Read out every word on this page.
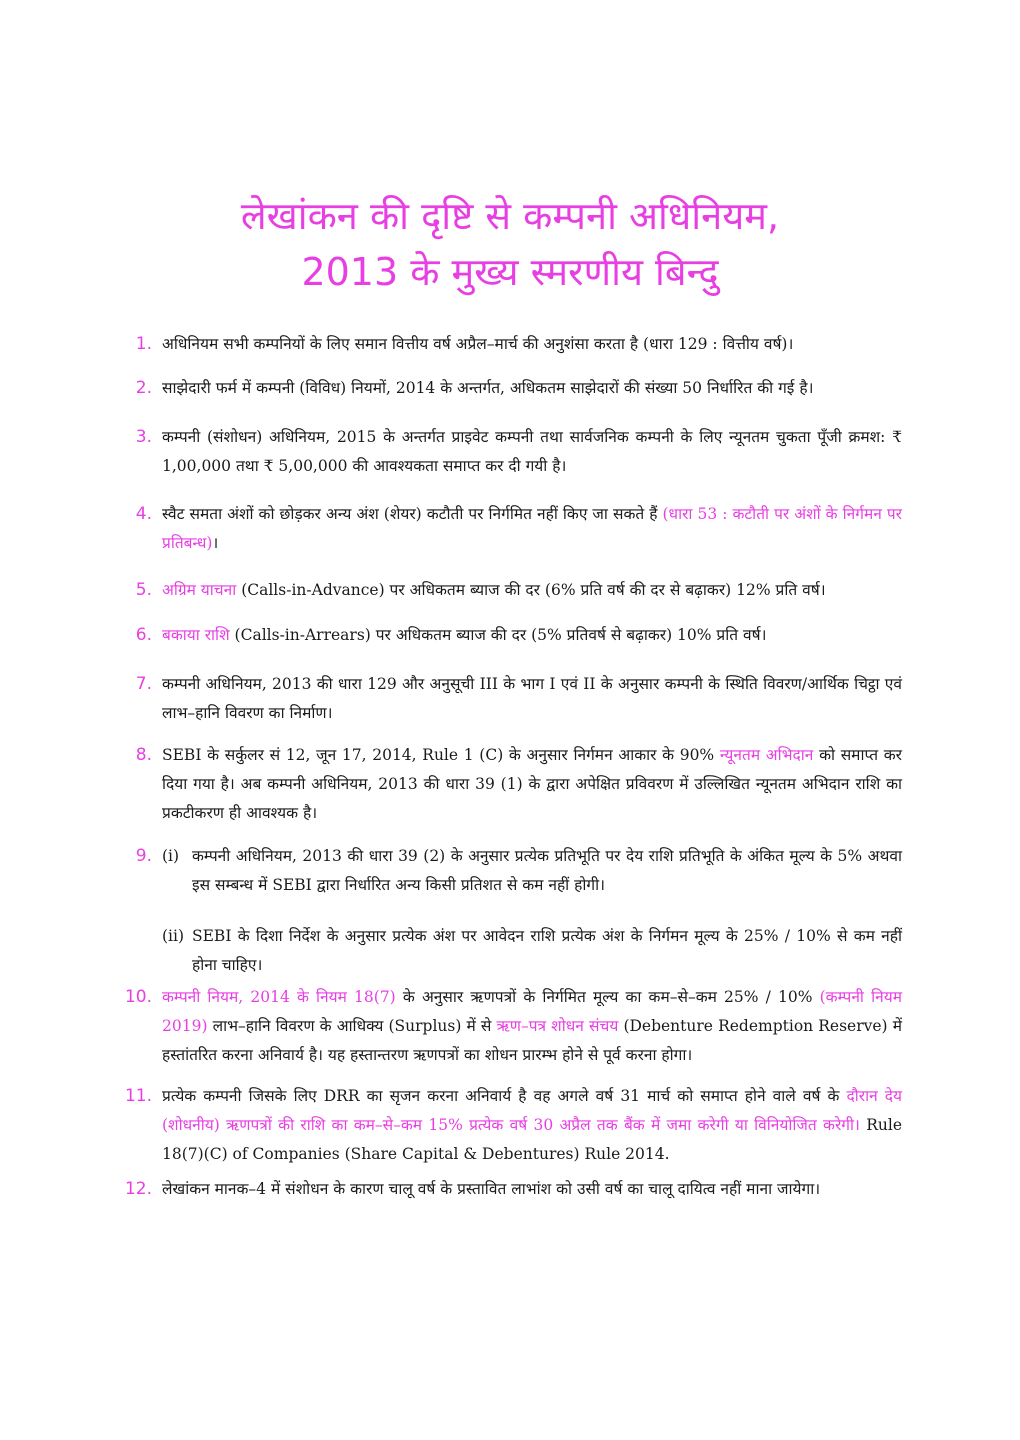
लेखांकन की दृष्टि से कम्पनी अधिनियम,
2013 के मुख्य स्मरणीय बिन्दु
1. अधिनियम सभी कम्पनियों के लिए समान वित्तीय वर्ष अप्रैल–मार्च की अनुशंसा करता है (धारा 129 : वित्तीय वर्ष)।
2. साझेदारी फर्म में कम्पनी (विविध) नियमों, 2014 के अन्तर्गत, अधिकतम साझेदारों की संख्या 50 निर्धारित की गई है।
3. कम्पनी (संशोधन) अधिनियम, 2015 के अन्तर्गत प्राइवेट कम्पनी तथा सार्वजनिक कम्पनी के लिए न्यूनतम चुकता पूँजी क्रमश: ₹ 1,00,000 तथा ₹ 5,00,000 की आवश्यकता समाप्त कर दी गयी है।
4. स्वैट समता अंशों को छोड़कर अन्य अंश (शेयर) कटौती पर निर्गमित नहीं किए जा सकते हैं (धारा 53 : कटौती पर अंशों के निर्गमन पर प्रतिबन्ध)।
5. अग्रिम याचना (Calls-in-Advance) पर अधिकतम ब्याज की दर (6% प्रति वर्ष की दर से बढ़ाकर) 12% प्रति वर्ष।
6. बकाया राशि (Calls-in-Arrears) पर अधिकतम ब्याज की दर (5% प्रतिवर्ष से बढ़ाकर) 10% प्रति वर्ष।
7. कम्पनी अधिनियम, 2013 की धारा 129 और अनुसूची III के भाग I एवं II के अनुसार कम्पनी के स्थिति विवरण/आर्थिक चिट्ठा एवं लाभ–हानि विवरण का निर्माण।
8. SEBI के सर्कुलर सं 12, जून 17, 2014, Rule 1 (C) के अनुसार निर्गमन आकार के 90% न्यूनतम अभिदान को समाप्त कर दिया गया है। अब कम्पनी अधिनियम, 2013 की धारा 39 (1) के द्वारा अपेक्षित प्रविवरण में उल्लिखित न्यूनतम अभिदान राशि का प्रकटीकरण ही आवश्यक है।
9. (i) कम्पनी अधिनियम, 2013 की धारा 39 (2) के अनुसार प्रत्येक प्रतिभूति पर देय राशि प्रतिभूति के अंकित मूल्य के 5% अथवा इस सम्बन्ध में SEBI द्वारा निर्धारित अन्य किसी प्रतिशत से कम नहीं होगी।
(ii) SEBI के दिशा निर्देश के अनुसार प्रत्येक अंश पर आवेदन राशि प्रत्येक अंश के निर्गमन मूल्य के 25% / 10% से कम नहीं होना चाहिए।
10. कम्पनी नियम, 2014 के नियम 18(7) के अनुसार ऋणपत्रों के निर्गमित मूल्य का कम–से–कम 25% / 10% (कम्पनी नियम 2019) लाभ–हानि विवरण के आधिक्य (Surplus) में से ऋण–पत्र शोधन संचय (Debenture Redemption Reserve) में हस्तांतरित करना अनिवार्य है। यह हस्तान्तरण ऋणपत्रों का शोधन प्रारम्भ होने से पूर्व करना होगा।
11. प्रत्येक कम्पनी जिसके लिए DRR का सृजन करना अनिवार्य है वह अगले वर्ष 31 मार्च को समाप्त होने वाले वर्ष के दौरान देय (शोधनीय) ऋणपत्रों की राशि का कम–से–कम 15% प्रत्येक वर्ष 30 अप्रैल तक बैंक में जमा करेगी या विनियोजित करेगी। Rule 18(7)(C) of Companies (Share Capital & Debentures) Rule 2014.
12. लेखांकन मानक–4 में संशोधन के कारण चालू वर्ष के प्रस्तावित लाभांश को उसी वर्ष का चालू दायित्व नहीं माना जायेगा।
